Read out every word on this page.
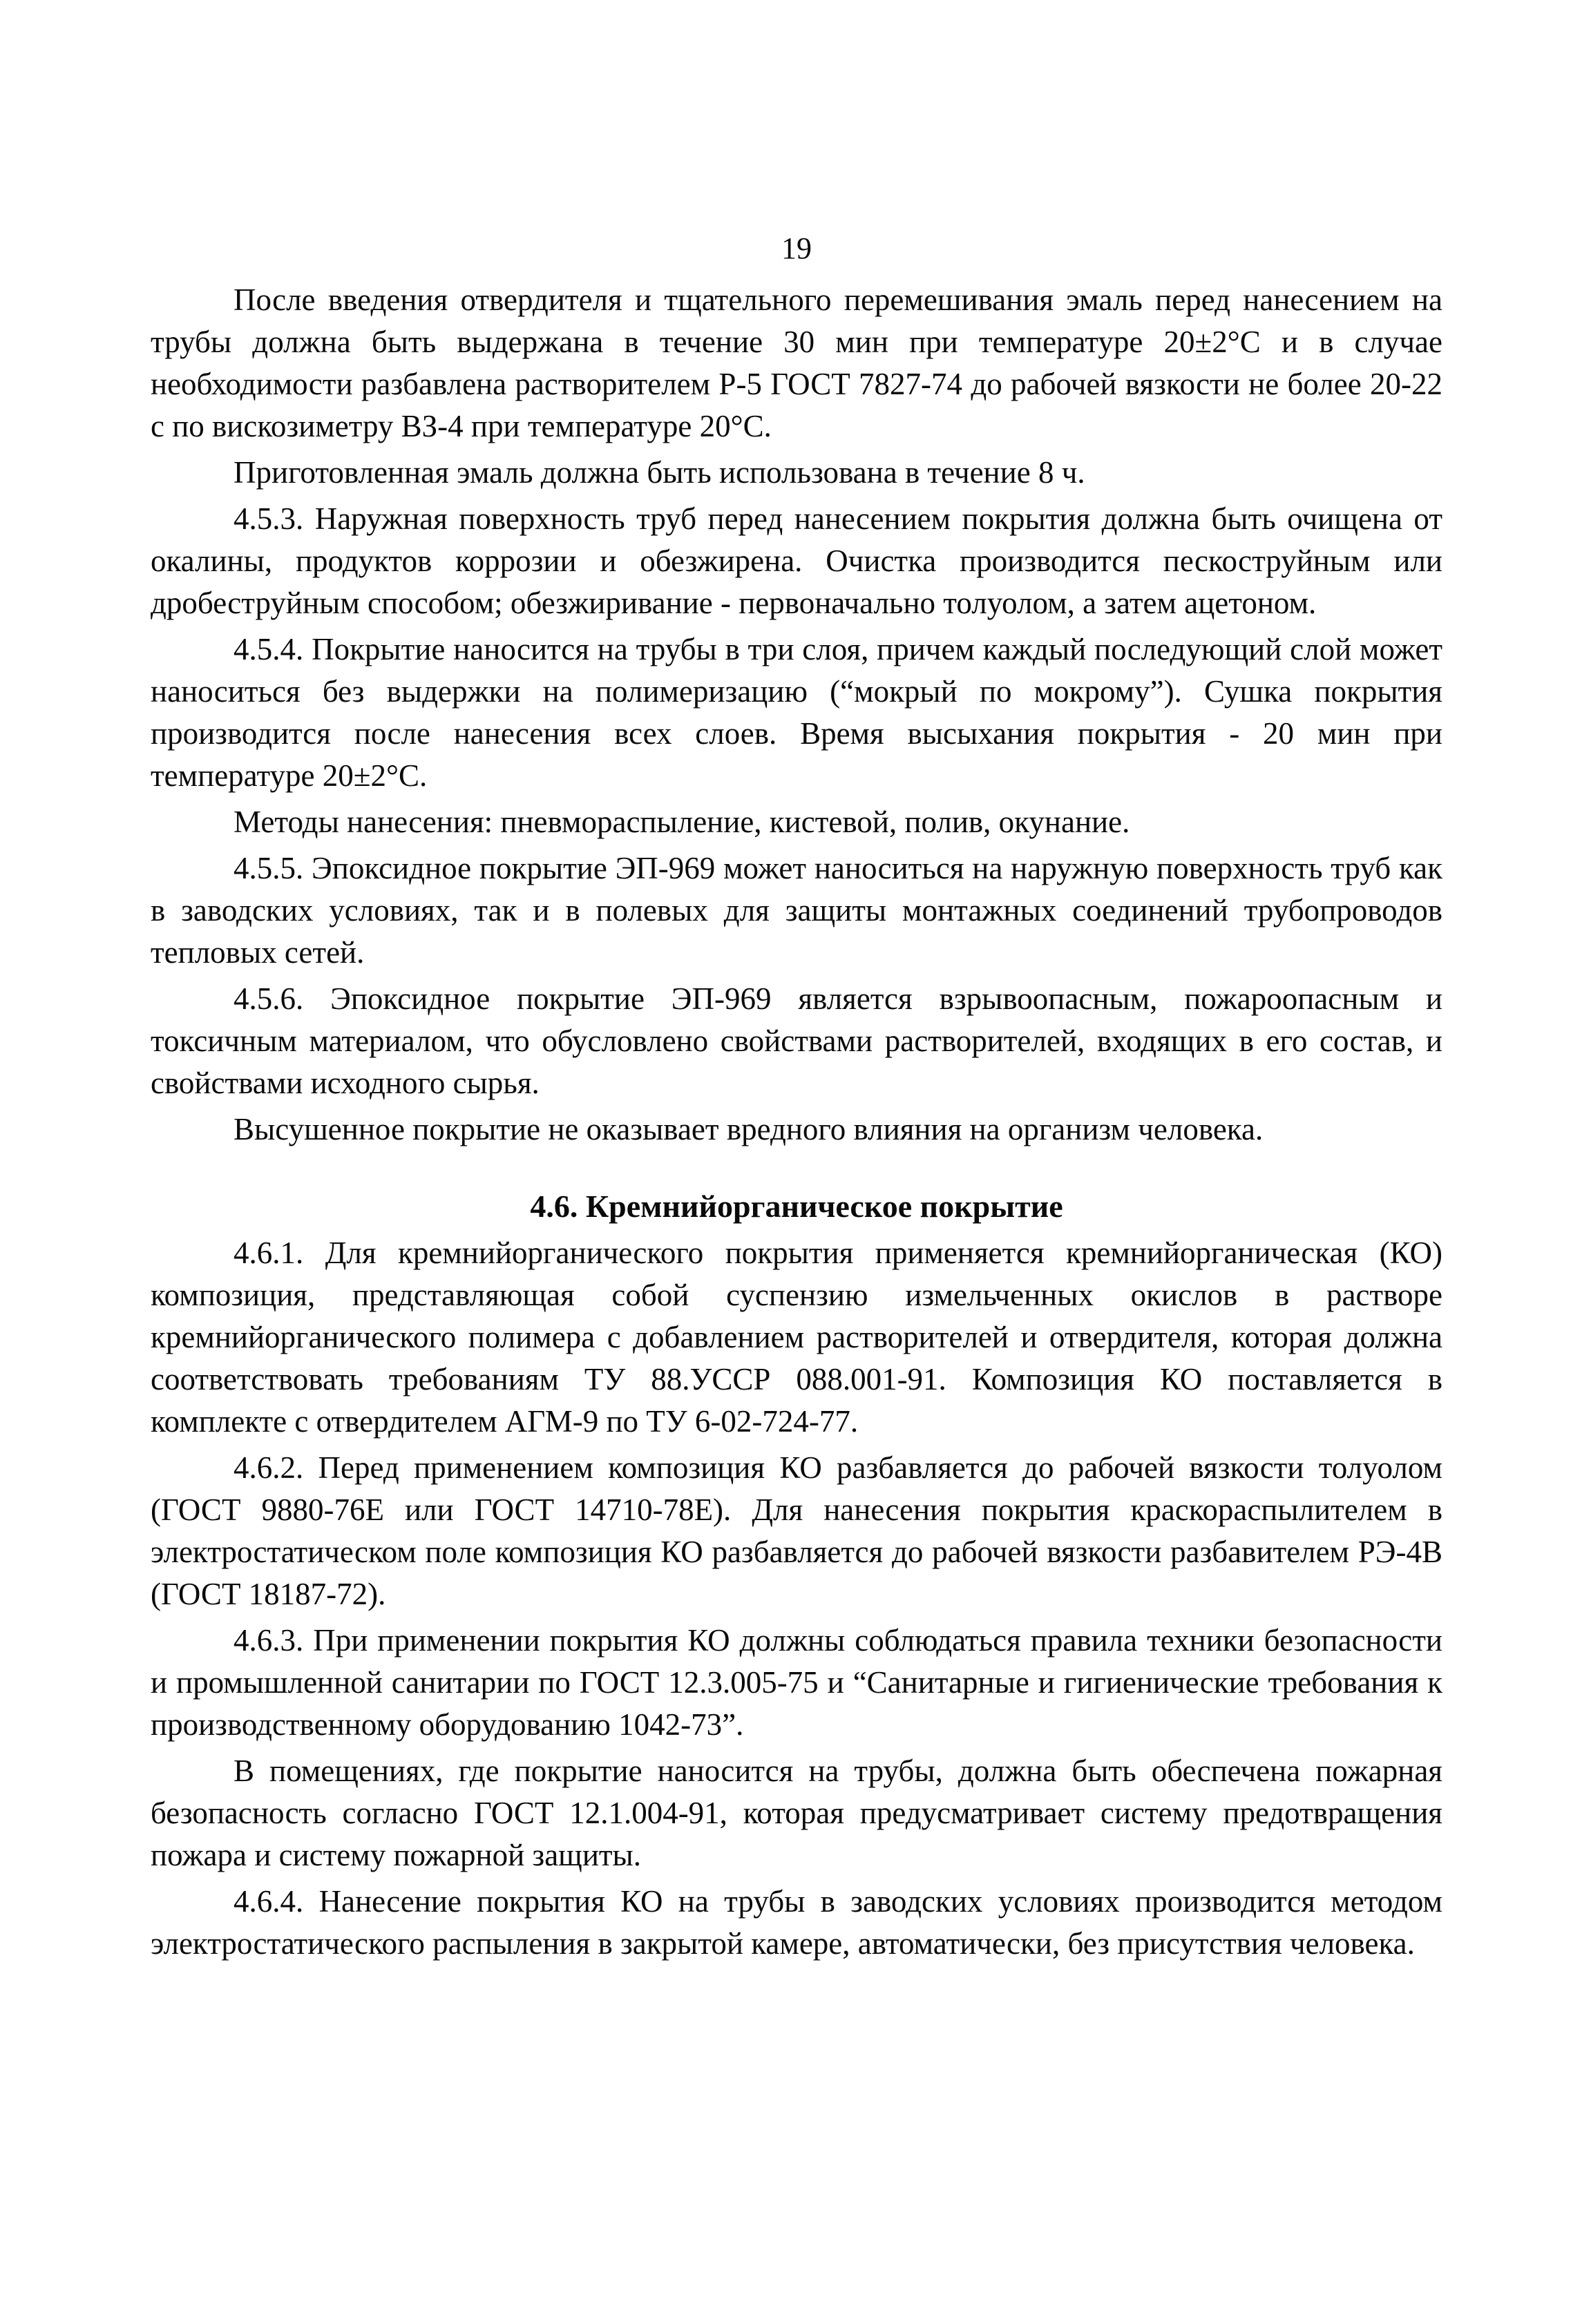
19

После введения отвердителя и тщательного перемешивания эмаль перед нанесением на трубы должна быть выдержана в течение 30 мин при температуре 20±2°С и в случае необходимости разбавлена растворителем Р-5 ГОСТ 7827-74 до рабочей вязкости не более 20-22 с по вискозиметру ВЗ-4 при температуре 20°С.

Приготовленная эмаль должна быть использована в течение 8 ч.

4.5.3. Наружная поверхность труб перед нанесением покрытия должна быть очищена от окалины, продуктов коррозии и обезжирена. Очистка производится пескоструйным или дробеструйным способом; обезжиривание - первоначально толуолом, а затем ацетоном.

4.5.4. Покрытие наносится на трубы в три слоя, причем каждый последующий слой может наноситься без выдержки на полимеризацию (“мокрый по мокрому”). Сушка покрытия производится после нанесения всех слоев. Время высыхания покрытия - 20 мин при температуре 20±2°С.

Методы нанесения: пневмораспыление, кистевой, полив, окунание.

4.5.5. Эпоксидное покрытие ЭП-969 может наноситься на наружную поверхность труб как в заводских условиях, так и в полевых для защиты монтажных соединений трубопроводов тепловых сетей.

4.5.6. Эпоксидное покрытие ЭП-969 является взрывоопасным, пожароопасным и токсичным материалом, что обусловлено свойствами растворителей, входящих в его состав, и свойствами исходного сырья.

Высушенное покрытие не оказывает вредного влияния на организм человека.

4.6. Кремнийорганическое покрытие

4.6.1. Для кремнийорганического покрытия применяется кремнийорганическая (КО) композиция, представляющая собой суспензию измельченных окислов в растворе кремнийорганического полимера с добавлением растворителей и отвердителя, которая должна соответствовать требованиям ТУ 88.УССР 088.001-91. Композиция КО поставляется в комплекте с отвердителем АГМ-9 по ТУ 6-02-724-77.

4.6.2. Перед применением композиция КО разбавляется до рабочей вязкости толуолом (ГОСТ 9880-76Е или ГОСТ 14710-78Е). Для нанесения покрытия краскораспылителем в электростатическом поле композиция КО разбавляется до рабочей вязкости разбавителем РЭ-4В (ГОСТ 18187-72).

4.6.3. При применении покрытия КО должны соблюдаться правила техники безопасности и промышленной санитарии по ГОСТ 12.3.005-75 и “Санитарные и гигиенические требования к производственному оборудованию 1042-73”.

В помещениях, где покрытие наносится на трубы, должна быть обеспечена пожарная безопасность согласно ГОСТ 12.1.004-91, которая предусматривает систему предотвращения пожара и систему пожарной защиты.

4.6.4. Нанесение покрытия КО на трубы в заводских условиях производится методом электростатического распыления в закрытой камере, автоматически, без присутствия человека.
